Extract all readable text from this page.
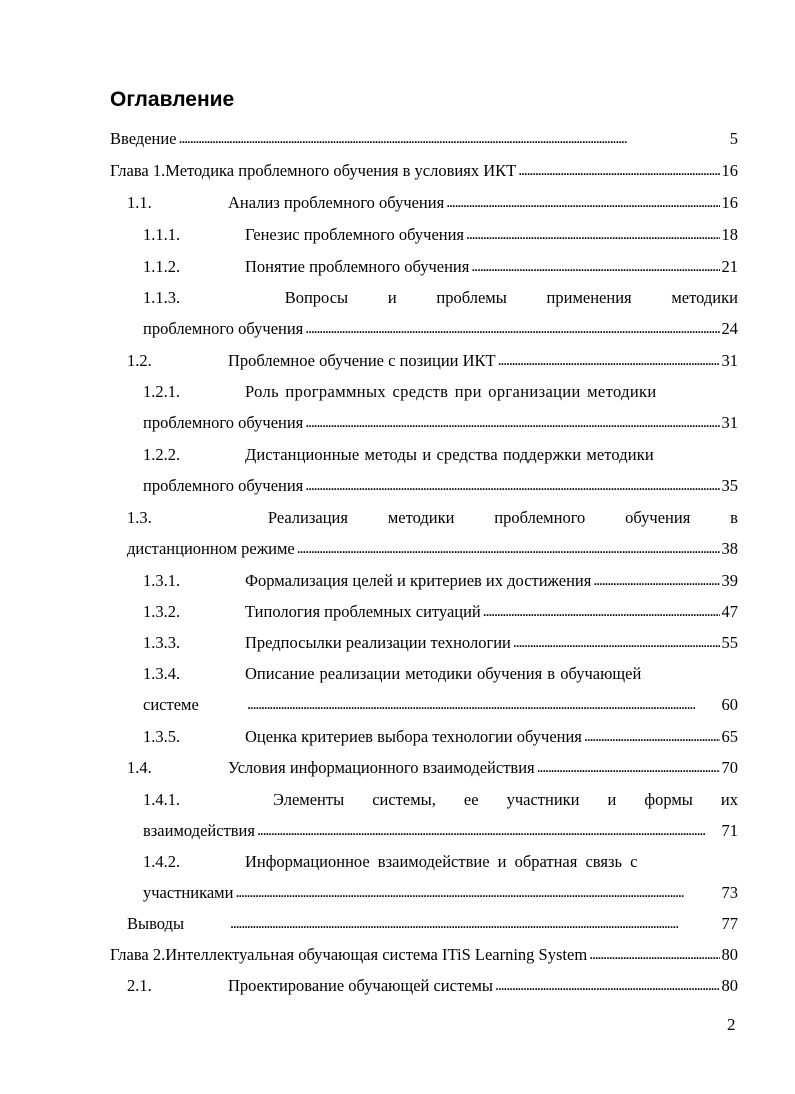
Оглавление
Введение . . .	5
Глава 1. Методика проблемного обучения в условиях ИКТ . . .	16
1.1.	Анализ проблемного обучения . . .	16
1.1.1.	Генезис проблемного обучения . . .	18
1.1.2.	Понятие проблемного обучения . . .	21
1.1.3.	Вопросы и проблемы применения методики
проблемного обучения . . .	24
1.2.	Проблемное обучение с позиции ИКТ . . .	31
1.2.1.	Роль программных средств при организации методики
проблемного обучения . . .	31
1.2.2.	Дистанционные методы и средства поддержки методики
проблемного обучения . . .	35
1.3.	Реализация методики проблемного обучения в
дистанционном режиме . . .	38
1.3.1.	Формализация целей и критериев их достижения . . .	39
1.3.2.	Типология проблемных ситуаций . . .	47
1.3.3.	Предпосылки реализации технологии . . .	55
1.3.4.	Описание реализации методики обучения в обучающей
системе . . .	60
1.3.5.	Оценка критериев выбора технологии обучения . . .	65
1.4.	Условия информационного взаимодействия . . .	70
1.4.1.	Элементы системы, ее участники и формы их
взаимодействия . . .	71
1.4.2.	Информационное взаимодействие и обратная связь с
участниками . . .	73
Выводы . . .	77
Глава 2. Интеллектуальная обучающая система ITiS Learning System . . .	80
2.1.	Проектирование обучающей системы . . .	80
2
